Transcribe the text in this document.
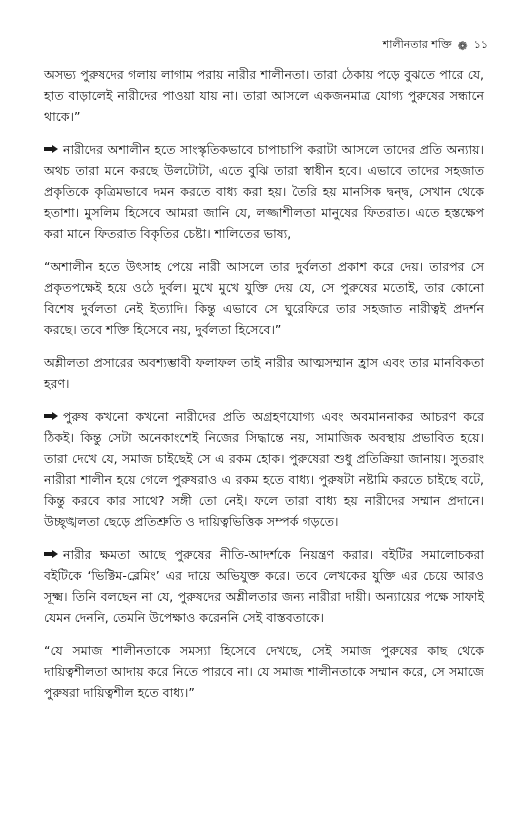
শালীনতার শক্তি ❁ ১১

অসভ্য পুরুষদের গলায় লাগাম পরায় নারীর শালীনতা। তারা ঠেকায় পড়ে বুঝতে পারে যে, হাত বাড়ালেই নারীদের পাওয়া যায় না। তারা আসলে একজনমাত্র যোগ্য পুরুষের সন্ধানে থাকে।”

নারীদের অশালীন হতে সাংস্কৃতিকভাবে চাপাচাপি করাটা আসলে তাদের প্রতি অন্যায়। অথচ তারা মনে করছে উলটোটা, এতে বুঝি তারা স্বাধীন হবে। এভাবে তাদের সহজাত প্রকৃতিকে কৃত্রিমভাবে দমন করতে বাধ্য করা হয়। তৈরি হয় মানসিক দ্বন্দ্ব, সেখান থেকে হতাশা। মুসলিম হিসেবে আমরা জানি যে, লজ্জাশীলতা মানুষের ফিতরাত। এতে হস্তক্ষেপ করা মানে ফিতরাত বিকৃতির চেষ্টা। শালিতের ভাষ্য,

“অশালীন হতে উৎসাহ পেয়ে নারী আসলে তার দুর্বলতা প্রকাশ করে দেয়। তারপর সে প্রকৃতপক্ষেই হয়ে ওঠে দুর্বল। মুখে মুখে যুক্তি দেয় যে, সে পুরুষের মতোই, তার কোনো বিশেষ দুর্বলতা নেই ইত্যাদি। কিন্তু এভাবে সে ঘুরেফিরে তার সহজাত নারীত্বই প্রদর্শন করছে। তবে শক্তি হিসেবে নয়, দুর্বলতা হিসেবে।”

অশ্লীলতা প্রসারের অবশ্যম্ভাবী ফলাফল তাই নারীর আত্মসম্মান হ্রাস এবং তার মানবিকতা হরণ।

পুরুষ কখনো কখনো নারীদের প্রতি অগ্রহণযোগ্য এবং অবমাননাকর আচরণ করে ঠিকই। কিন্তু সেটা অনেকাংশেই নিজের সিদ্ধান্তে নয়, সামাজিক অবস্থায় প্রভাবিত হয়ে। তারা দেখে যে, সমাজ চাইছেই সে এ রকম হোক। পুরুষেরা শুধু প্রতিক্রিয়া জানায়। সুতরাং নারীরা শালীন হয়ে গেলে পুরুষরাও এ রকম হতে বাধ্য। পুরুষটা নষ্টামি করতে চাইছে বটে, কিন্তু করবে কার সাথে? সঙ্গী তো নেই। ফলে তারা বাধ্য হয় নারীদের সম্মান প্রদানে। উচ্ছৃঙ্খলতা ছেড়ে প্রতিশ্রুতি ও দায়িত্বভিত্তিক সম্পর্ক গড়তে।

নারীর ক্ষমতা আছে পুরুষের নীতি-আদর্শকে নিয়ন্ত্রণ করার। বইটির সমালোচকরা বইটিকে ‘ভিক্টিম-ব্লেমিং’ এর দায়ে অভিযুক্ত করে। তবে লেখকের যুক্তি এর চেয়ে আরও সূক্ষ্ম। তিনি বলছেন না যে, পুরুষদের অশ্লীলতার জন্য নারীরা দায়ী। অন্যায়ের পক্ষে সাফাই যেমন দেননি, তেমনি উপেক্ষাও করেননি সেই বাস্তবতাকে।

“যে সমাজ শালীনতাকে সমস্যা হিসেবে দেখছে, সেই সমাজ পুরুষের কাছ থেকে দায়িত্বশীলতা আদায় করে নিতে পারবে না। যে সমাজ শালীনতাকে সম্মান করে, সে সমাজে পুরুষরা দায়িত্বশীল হতে বাধ্য।”
